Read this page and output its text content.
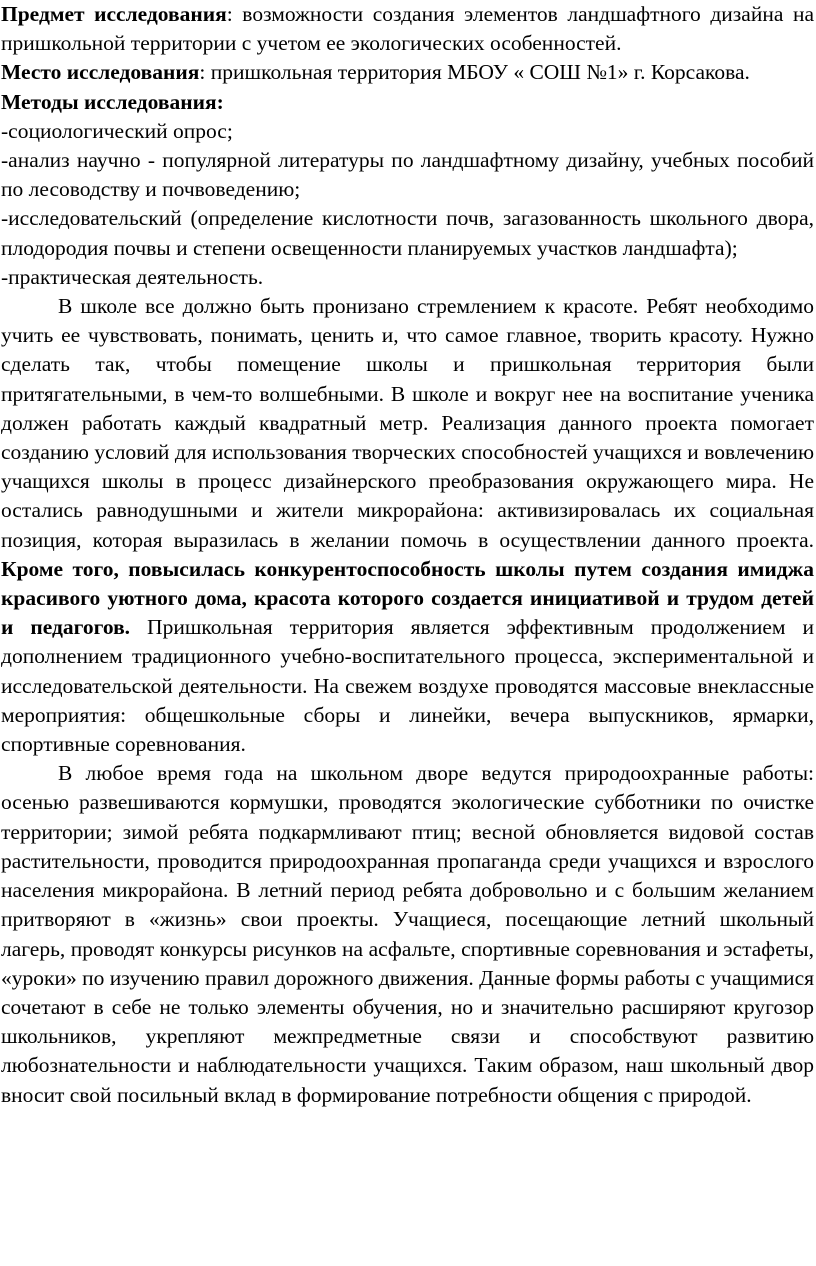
Предмет исследования: возможности создания элементов ландшафтного дизайна на пришкольной территории с учетом ее экологических особенностей.

Место исследования: пришкольная территория МБОУ « СОШ №1» г. Корсакова.

Методы исследования:

-социологический опрос;

-анализ научно - популярной литературы по ландшафтному дизайну, учебных пособий по лесоводству и почвоведению;

-исследовательский (определение кислотности почв, загазованность школьного двора, плодородия почвы и степени освещенности планируемых участков ландшафта);

-практическая деятельность.

В школе все должно быть пронизано стремлением к красоте. Ребят необходимо учить ее чувствовать, понимать, ценить и, что самое главное, творить красоту. Нужно сделать так, чтобы помещение школы и пришкольная территория были притягательными, в чем-то волшебными. В школе и вокруг нее на воспитание ученика должен работать каждый квадратный метр. Реализация данного проекта помогает созданию условий для использования творческих способностей учащихся и вовлечению учащихся школы в процесс дизайнерского преобразования окружающего мира. Не остались равнодушными и жители микрорайона: активизировалась их социальная позиция, которая выразилась в желании помочь в осуществлении данного проекта. Кроме того, повысилась конкурентоспособность школы путем создания имиджа красивого уютного дома, красота которого создается инициативой и трудом детей и педагогов. Пришкольная территория является эффективным продолжением и дополнением традиционного учебно-воспитательного процесса, экспериментальной и исследовательской деятельности. На свежем воздухе проводятся массовые внеклассные мероприятия: общешкольные сборы и линейки, вечера выпускников, ярмарки, спортивные соревнования.

В любое время года на школьном дворе ведутся природоохранные работы: осенью развешиваются кормушки, проводятся экологические субботники по очистке территории; зимой ребята подкармливают птиц; весной обновляется видовой состав растительности, проводится природоохранная пропаганда среди учащихся и взрослого населения микрорайона. В летний период ребята добровольно и с большим желанием притворяют в «жизнь» свои проекты. Учащиеся, посещающие летний школьный лагерь, проводят конкурсы рисунков на асфальте, спортивные соревнования и эстафеты, «уроки» по изучению правил дорожного движения. Данные формы работы с учащимися сочетают в себе не только элементы обучения, но и значительно расширяют кругозор школьников, укрепляют межпредметные связи и способствуют развитию любознательности и наблюдательности учащихся. Таким образом, наш школьный двор вносит свой посильный вклад в формирование потребности общения с природой.
